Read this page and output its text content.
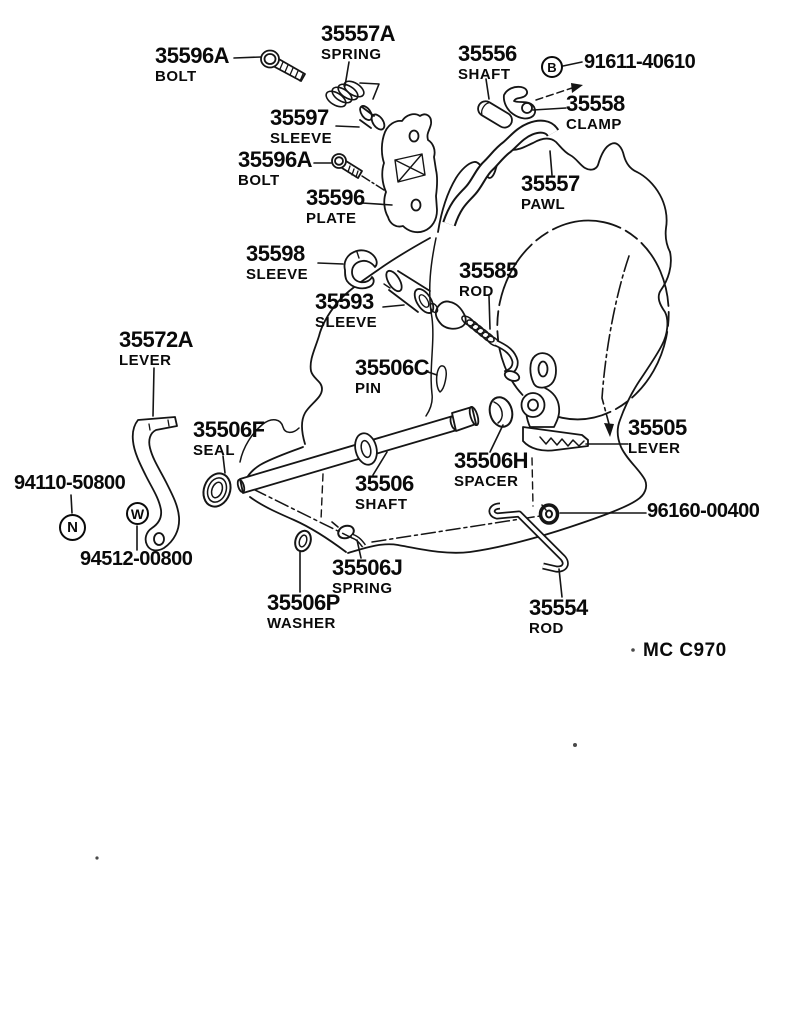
35596A
BOLT
35557A
SPRING	35556
SHAFT
91611-40610
35558
CLAMP
35597
SLEEVE
35596A
BOLT	35557
PAWL
35596
PLATE
35598
SLEEVE	35585
ROD
35593
SLEEVE
35572A
LEVER	35506C
PIN
35506F
SEAL
35505
LEVER
35506H
SPACER
35506
SHAFT
94110-50800
96160-00400
94512-00800	35506J
SPRING
35506P
WASHER
35554
ROD
B
N
W
MC C970
